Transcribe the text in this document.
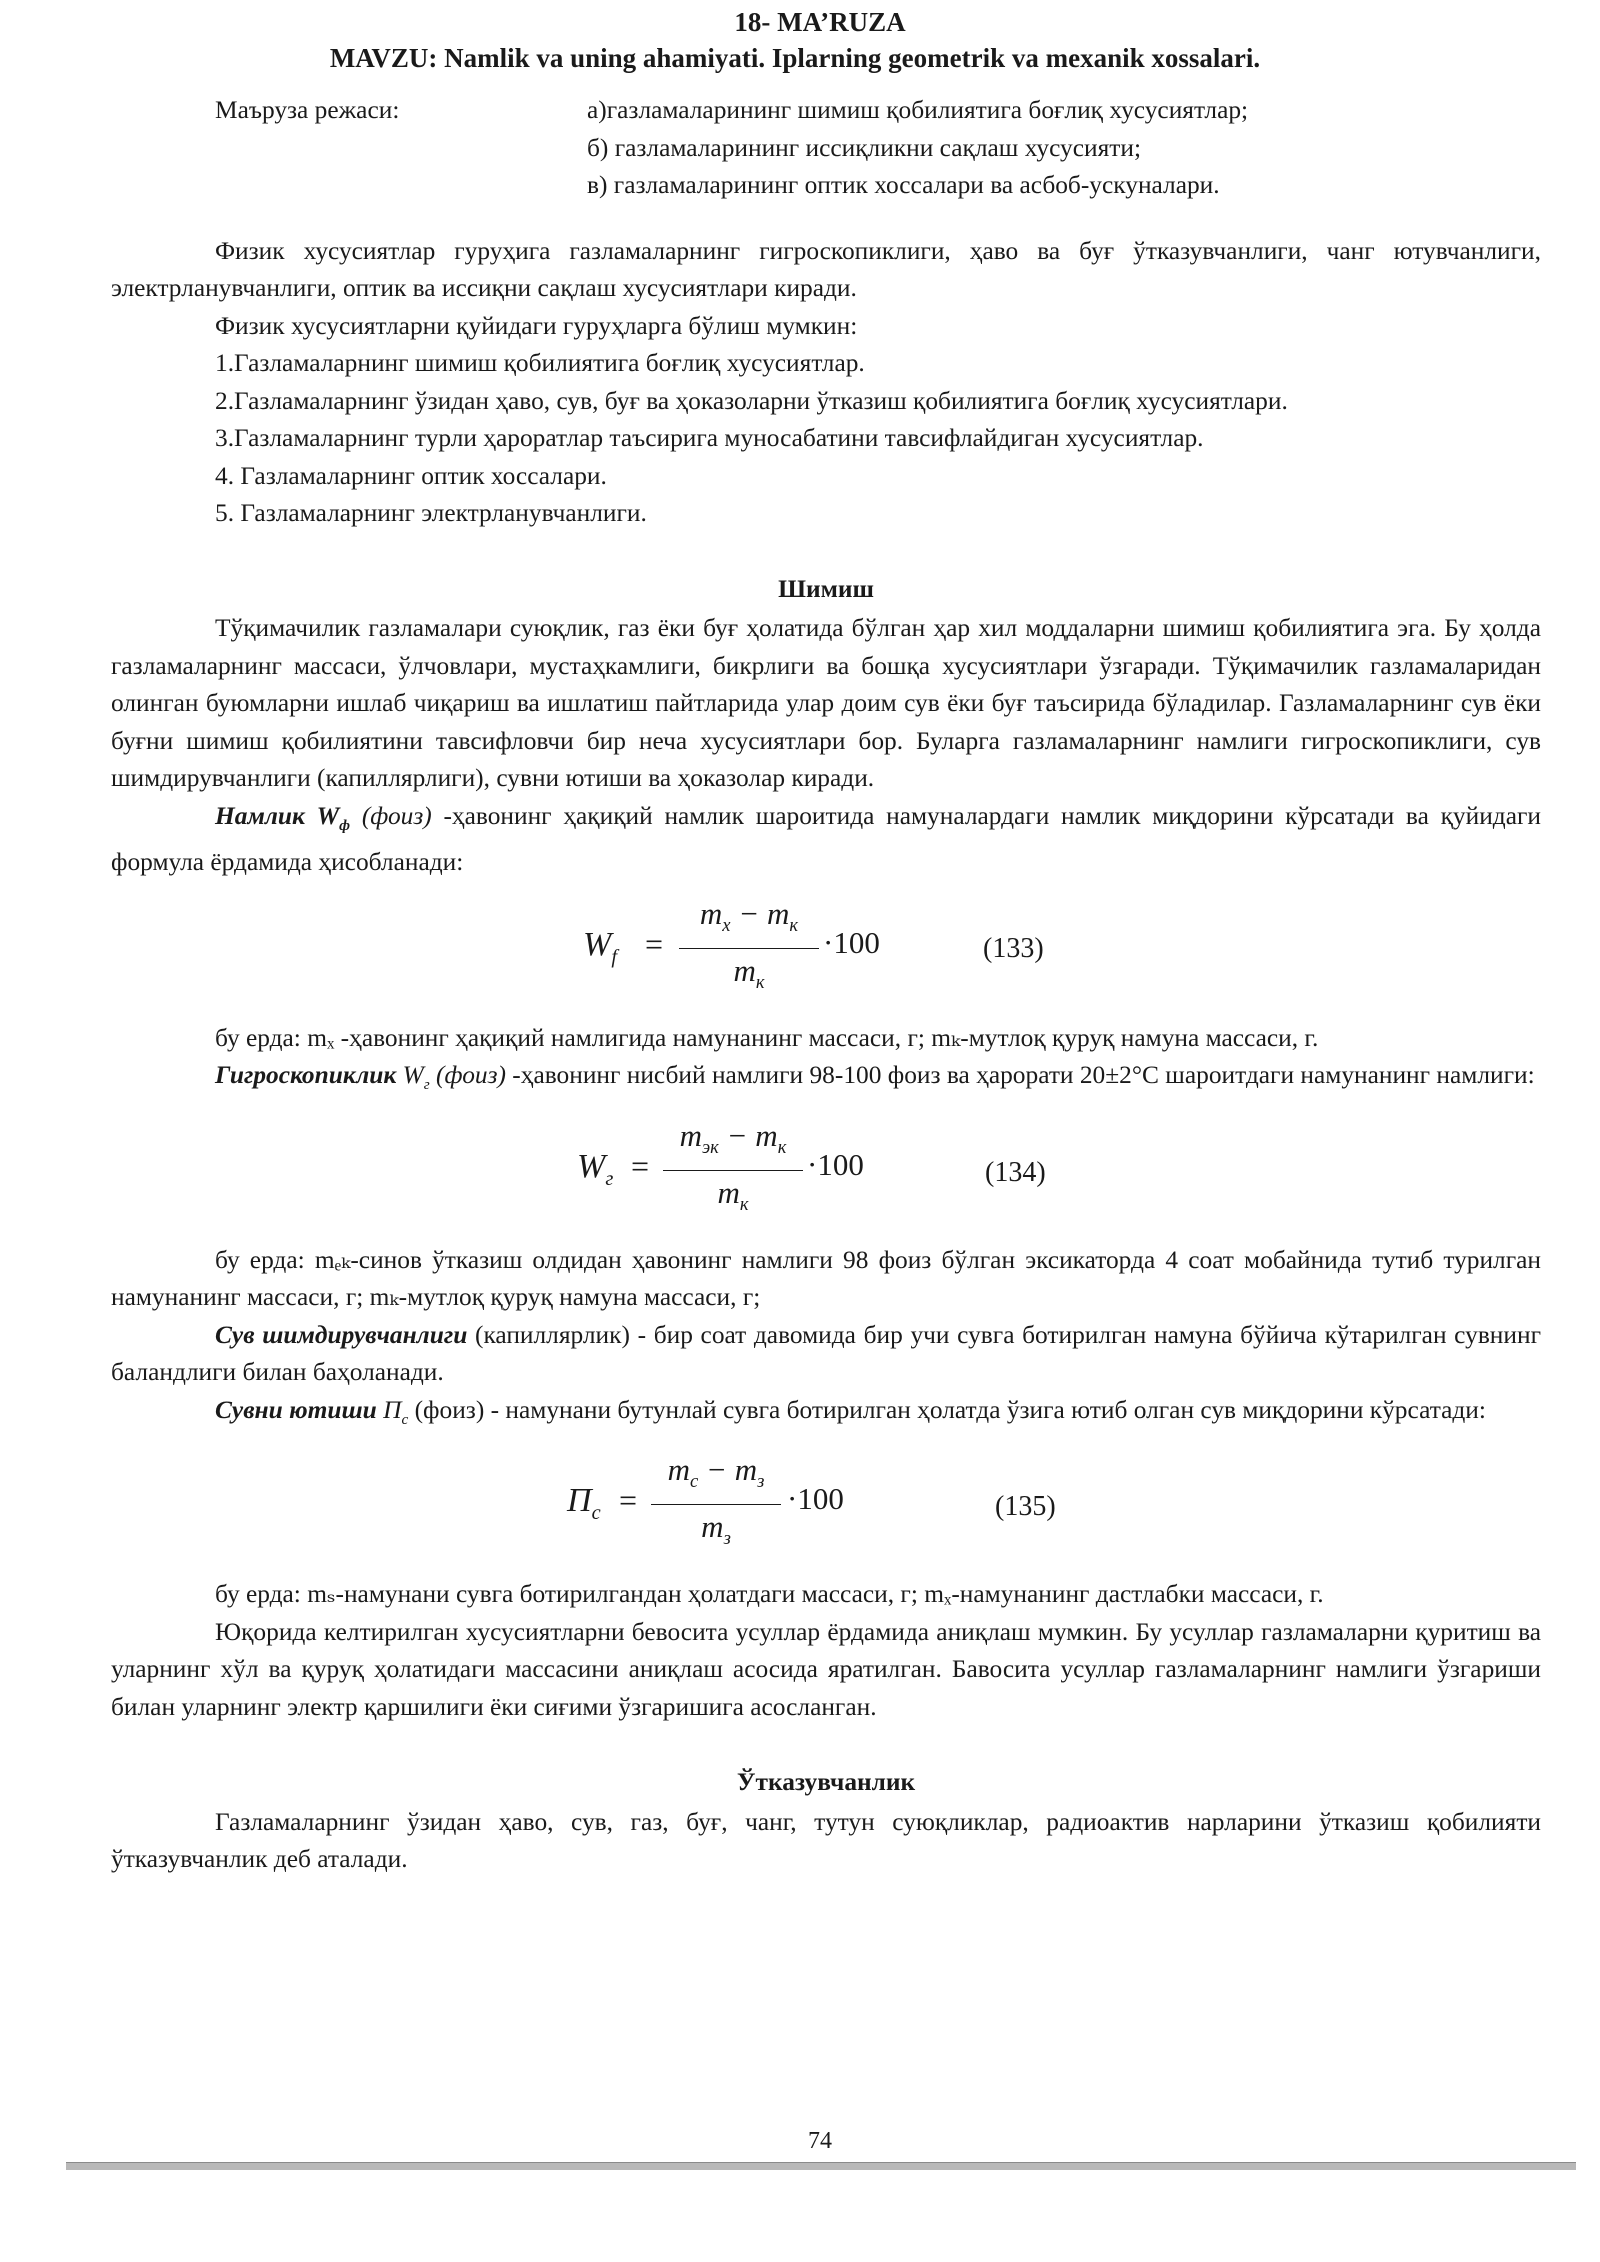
18- MA’RUZA
MAVZU: Namlik va uning ahamiyati. Iplarning geometrik va mexanik xossalari.
Маъруза режаси:	а)газламаларининг шимиш қобилиятига боғлиқ хусусиятлар;
б) газламаларининг иссиқликни сақлаш хусусияти;
в) газламаларининг оптик хоссалари ва асбоб-ускуналари.

Физик хусусиятлар гуруҳига газламаларнинг гигроскопиклиги, ҳаво ва буғ ўтказувчанлиги, чанг ютувчанлиги, электрланувчанлиги, оптик ва иссиқни сақлаш хусусиятлари киради.

Физик хусусиятларни қуйидаги гуруҳларга бўлиш мумкин:

1.Газламаларнинг шимиш қобилиятига боғлиқ хусусиятлар.

2.Газламаларнинг ўзидан ҳаво, сув, буғ ва ҳоказоларни ўтказиш қобилиятига боғлиқ хусусиятлари.

3.Газламаларнинг турли ҳароратлар таъсирига муносабатини тавсифлайдиган хусусиятлар.

4. Газламаларнинг оптик хоссалари.

5. Газламаларнинг электрланувчанлиги.

Шимиш

Тўқимачилик газламалари суюқлик, газ ёки буғ ҳолатида бўлган ҳар хил моддаларни шимиш қобилиятига эга. Бу ҳолда газламаларнинг массаси, ўлчовлари, мустаҳкамлиги, бикрлиги ва бошқа хусусиятлари ўзгаради. Тўқимачилик газламаларидан олинган буюмларни ишлаб чиқариш ва ишлатиш пайтларида улар доим сув ёки буғ таъсирида бўладилар. Газламаларнинг сув ёки буғни шимиш қобилиятини тавсифловчи бир неча хусусиятлари бор. Буларга газламаларнинг намлиги гигроскопиклиги, сув шимдирувчанлиги (капиллярлиги), сувни ютиши ва ҳоказолар киради.

Намлик $W_ф$ (фоиз) -ҳавонинг ҳақиқий намлик шароитида намуналардаги намлик миқдорини кўрсатади ва қуйидаги формула ёрдамида ҳисобланади:

$W_f$ =
$m_x - m_к$
$m_к$
·100	(133)

бу ерда: mₓ -ҳавонинг ҳақиқий намлигида намунанинг массаси, г; mₖ-мутлоқ қуруқ намуна массаси, г.

Гигроскопиклик $W_г$ (фоиз) -ҳавонинг нисбий намлиги 98-100 фоиз ва ҳарорати 20±2°С шароитдаги намунанинг намлиги:

$W_г$ =
$m_{эк} - m_к$
$m_к$
·100	(134)

бу ерда: mₑₖ-синов ўтказиш олдидан ҳавонинг намлиги 98 фоиз бўлган эксикаторда 4 соат мобайнида тутиб турилган намунанинг массаси, г; mₖ-мутлоқ қуруқ намуна массаси, г;

Сув шимдирувчанлиги (капиллярлик) - бир соат давомида бир учи сувга ботирилган намуна бўйича кўтарилган сувнинг баландлиги билан баҳоланади.

Сувни ютиши $П_с$ (фоиз) - намунани бутунлай сувга ботирилган ҳолатда ўзига ютиб олган сув миқдорини кўрсатади:

$П_с$ =
$m_с - m_з$
$m_з$
·100	(135)

бу ерда: mₛ-намунани сувга ботирилгандан ҳолатдаги массаси, г; mₓ-намунанинг дастлабки массаси, г.

Юқорида келтирилган хусусиятларни бевосита усуллар ёрдамида аниқлаш мумкин. Бу усуллар газламаларни қуритиш ва уларнинг хўл ва қуруқ ҳолатидаги массасини аниқлаш асосида яратилган. Бавосита усуллар газламаларнинг намлиги ўзгариши билан уларнинг электр қаршилиги ёки сиғими ўзгаришига асосланган.

Ўтказувчанлик

Газламаларнинг ўзидан ҳаво, сув, газ, буғ, чанг, тутун суюқликлар, радиоактив нарларини ўтказиш қобилияти ўтказувчанлик деб аталади.

74
